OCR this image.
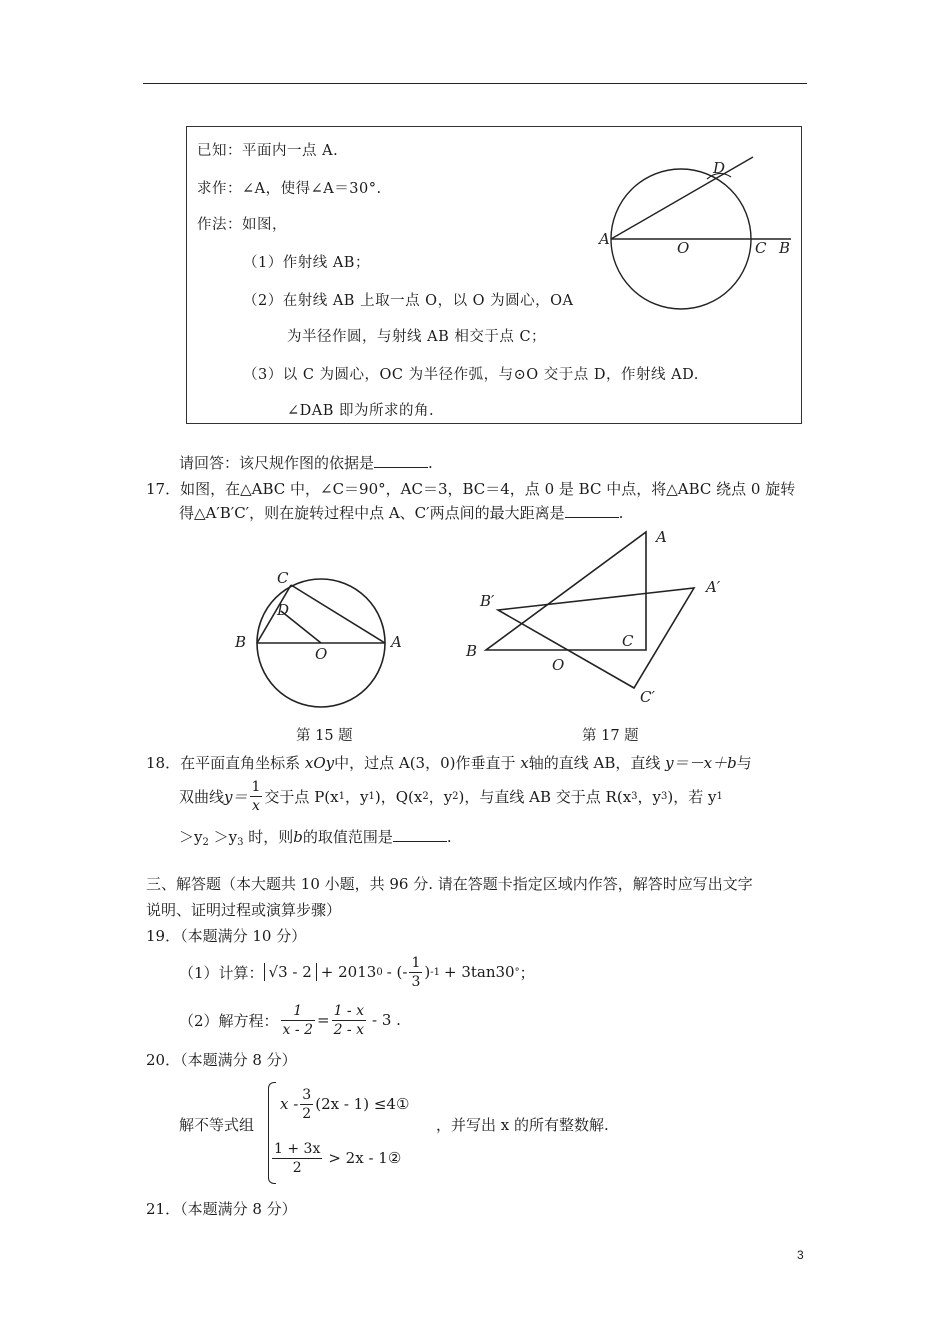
已知：平面内一点 A.
求作：∠A，使得∠A＝30°.
作法：如图，
（1）作射线 AB；
（2）在射线 AB 上取一点 O，以 O 为圆心，OA
为半径作圆，与射线 AB 相交于点 C；
（3）以 C 为圆心，OC 为半径作弧，与⊙O 交于点 D，作射线 AD.
∠DAB 即为所求的角.
A	O	C B
D
请回答：该尺规作图的依据是	.
17．如图，在△ABC 中，∠C＝90°，AC＝3，BC＝4，点 0 是 BC 中点，将△ABC 绕点 0 旋转
得△A′B′C′，则在旋转过程中点 A、C′两点间的最大距离是	.
C
D
B
O
A
第 15 题
A
B′
A′
B
C
O
C′
第 17 题
18．在平面直角坐标系 xOy中，过点 A(3，0)作垂直于 x轴的直线 AB，直线 y＝－x＋b与
双曲线 $y= \frac{1}{x}$ 交于点 P(x 1 ，y 1 )，Q(x 2 ，y 2 )，与直线 AB 交于点 R(x 3 ，y 3 )，若 y 1
$>y_2 >y_3$ 时，则b的取值范围是	.
三、解答题（本大题共 10 小题，共 96 分. 请在答题卡指定区域内作答，解答时应写出文字
说明、证明过程或演算步骤）
19．（本题满分 10 分）
（1）计算： √3 - 2 + 2013 0 - (- $\frac{1}{3}$ ) -1 + 3tan30 ° ；
（2）解方程： $\frac{1}{x - 2} = \frac{1 - x}{2 - x} - 3$ .
20．（本题满分 8 分）
解不等式组
x - $\frac{3}{2} (2x - 1)$ ≤4①
$\frac{1 + 3x}{2} > 2x$ - 1②
，并写出 x 的所有整数解.
21．（本题满分 8 分）
3
